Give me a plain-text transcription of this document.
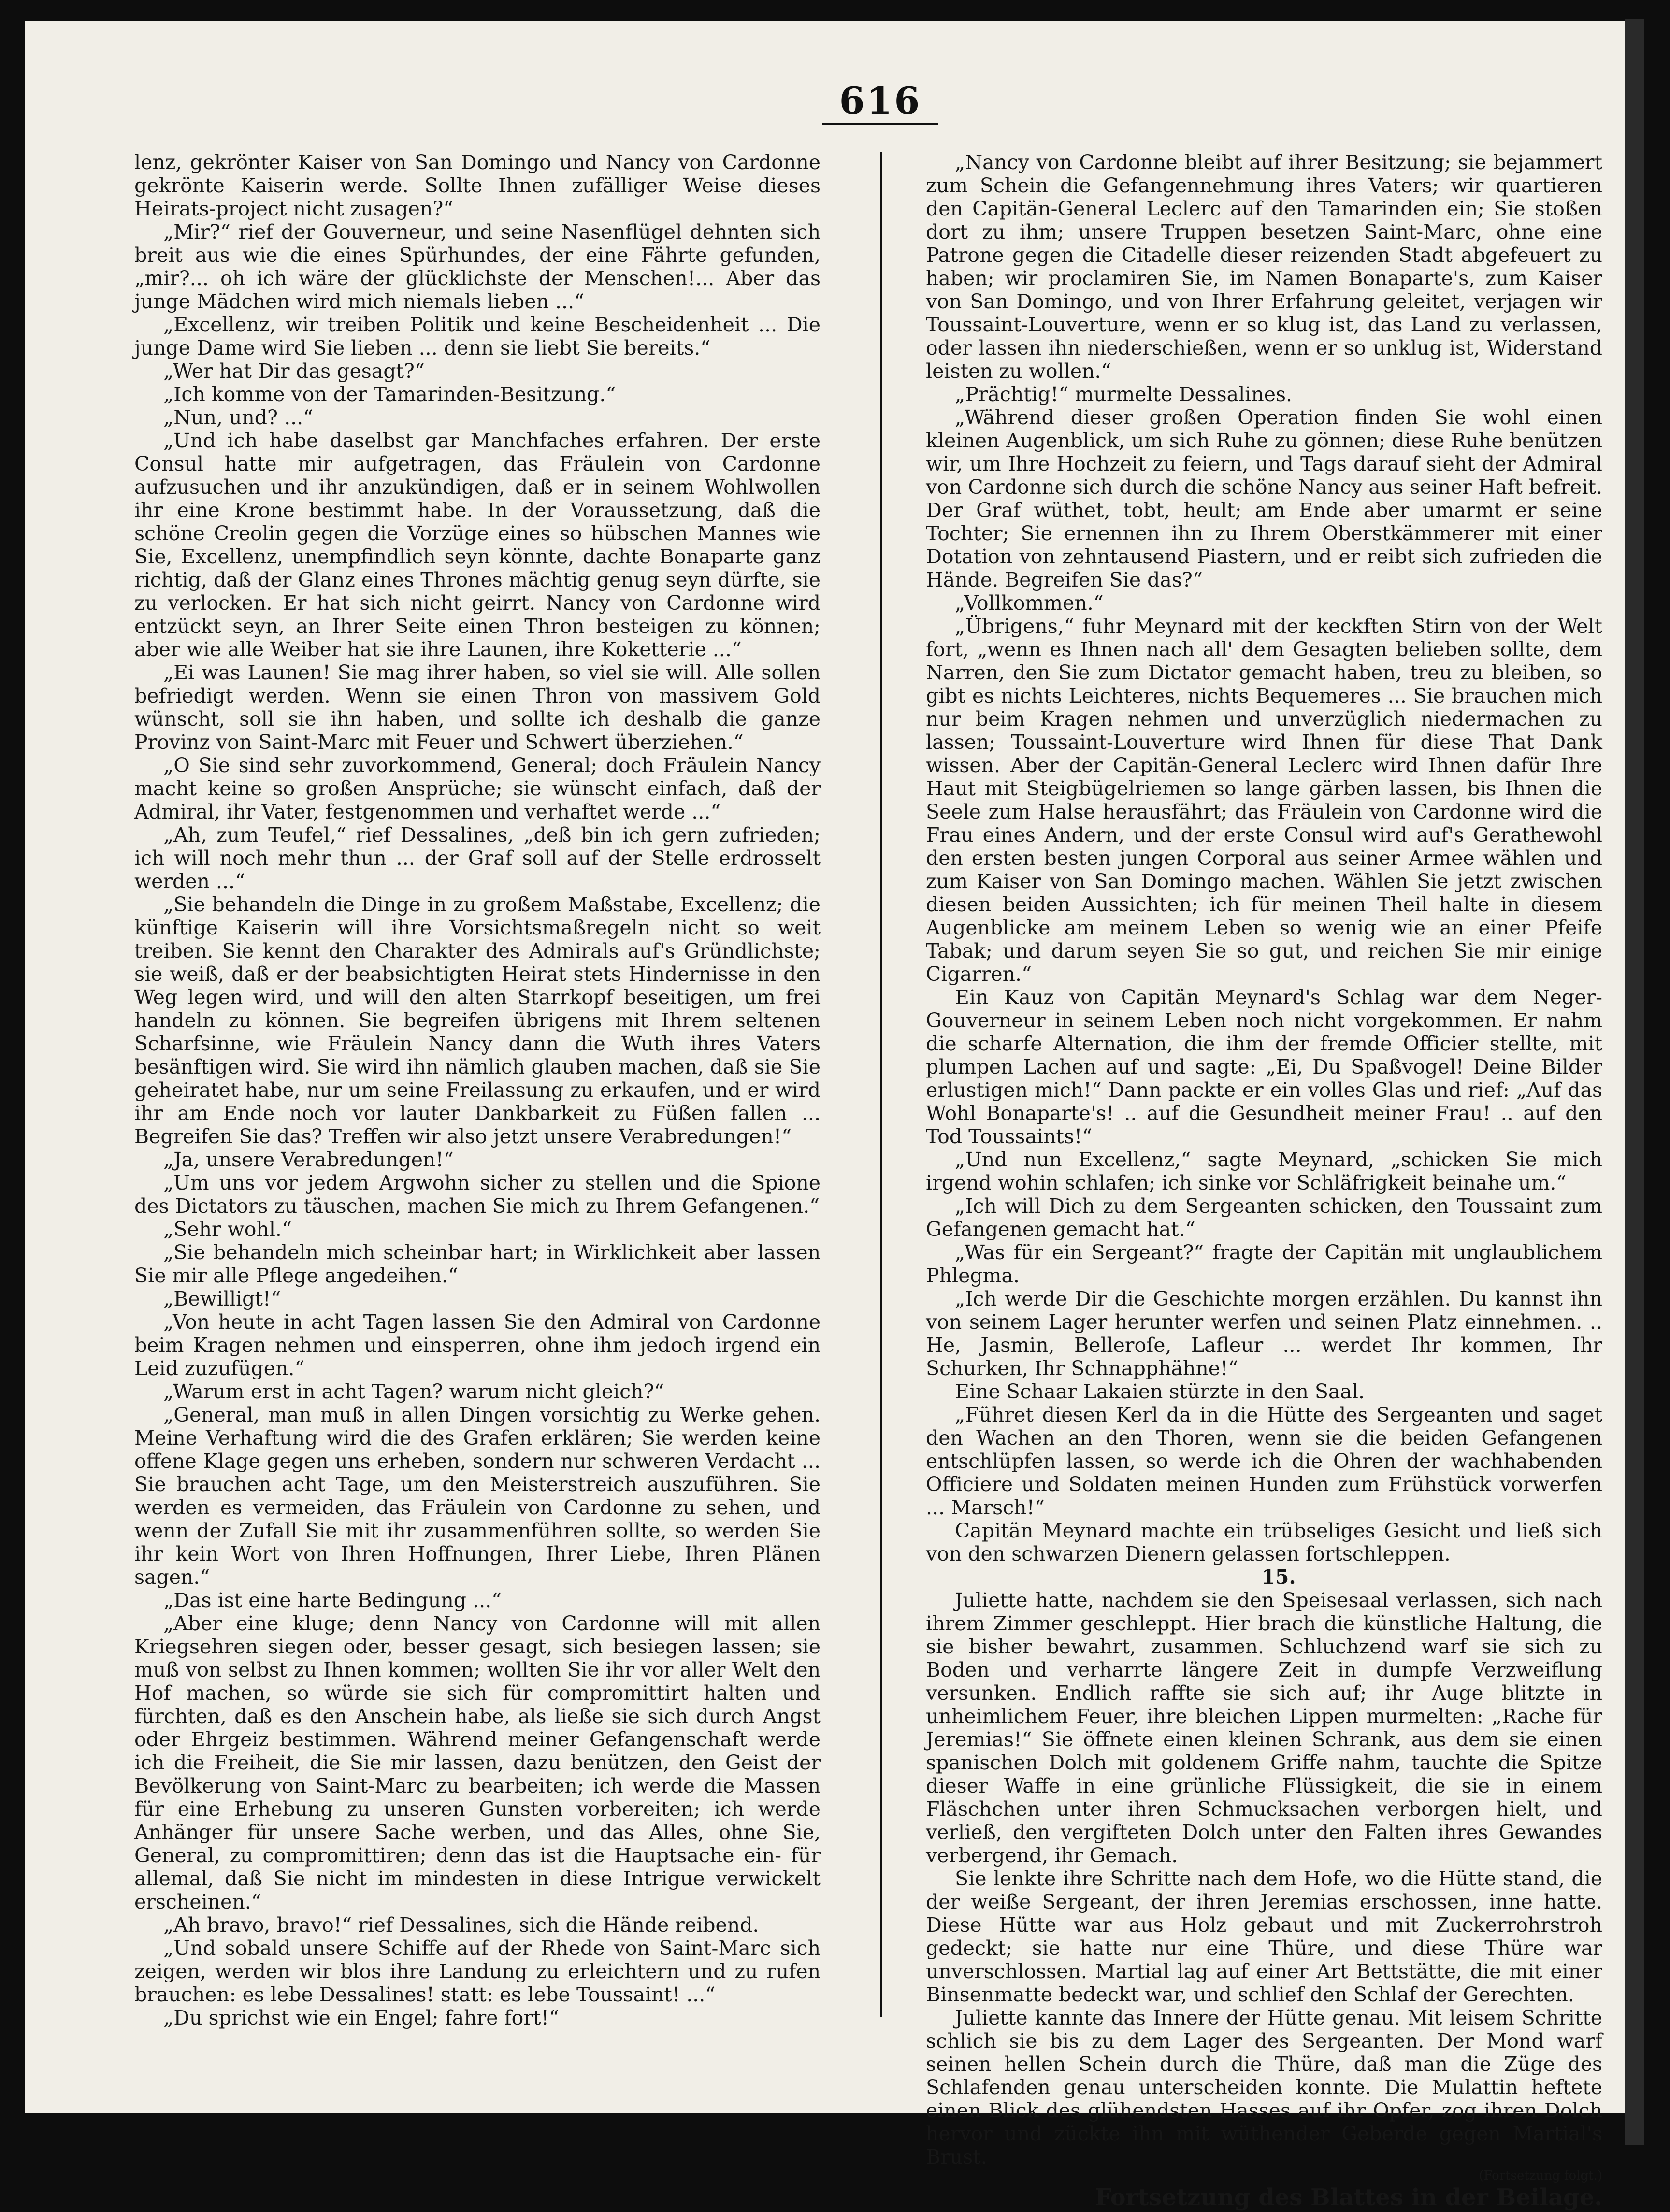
616

lenz, gekrönter Kaiser von San Domingo und Nancy von Cardonne gekrönte Kaiserin werde. Sollte Ihnen zufälliger Weise dieses Heirats-project nicht zusagen?“

„Mir?“ rief der Gouverneur, und seine Nasenflügel dehnten sich breit aus wie die eines Spürhundes, der eine Fährte gefunden, „mir?... oh ich wäre der glücklichste der Menschen!... Aber das junge Mädchen wird mich niemals lieben ...“

„Excellenz, wir treiben Politik und keine Bescheidenheit ... Die junge Dame wird Sie lieben ... denn sie liebt Sie bereits.“

„Wer hat Dir das gesagt?“

„Ich komme von der Tamarinden-Besitzung.“

„Nun, und? ...“

„Und ich habe daselbst gar Manchfaches erfahren. Der erste Consul hatte mir aufgetragen, das Fräulein von Cardonne aufzusuchen und ihr anzukündigen, daß er in seinem Wohlwollen ihr eine Krone bestimmt habe. In der Voraussetzung, daß die schöne Creolin gegen die Vorzüge eines so hübschen Mannes wie Sie, Excellenz, unempfindlich seyn könnte, dachte Bonaparte ganz richtig, daß der Glanz eines Thrones mächtig genug seyn dürfte, sie zu verlocken. Er hat sich nicht geirrt. Nancy von Cardonne wird entzückt seyn, an Ihrer Seite einen Thron besteigen zu können; aber wie alle Weiber hat sie ihre Launen, ihre Koketterie ...“

„Ei was Launen! Sie mag ihrer haben, so viel sie will. Alle sollen befriedigt werden. Wenn sie einen Thron von massivem Gold wünscht, soll sie ihn haben, und sollte ich deshalb die ganze Provinz von Saint-Marc mit Feuer und Schwert überziehen.“

„O Sie sind sehr zuvorkommend, General; doch Fräulein Nancy macht keine so großen Ansprüche; sie wünscht einfach, daß der Admiral, ihr Vater, festgenommen und verhaftet werde ...“

„Ah, zum Teufel,“ rief Dessalines, „deß bin ich gern zufrieden; ich will noch mehr thun ... der Graf soll auf der Stelle erdrosselt werden ...“

„Sie behandeln die Dinge in zu großem Maßstabe, Excellenz; die künftige Kaiserin will ihre Vorsichtsmaßregeln nicht so weit treiben. Sie kennt den Charakter des Admirals auf's Gründlichste; sie weiß, daß er der beabsichtigten Heirat stets Hindernisse in den Weg legen wird, und will den alten Starrkopf beseitigen, um frei handeln zu können. Sie begreifen übrigens mit Ihrem seltenen Scharfsinne, wie Fräulein Nancy dann die Wuth ihres Vaters besänftigen wird. Sie wird ihn nämlich glauben machen, daß sie Sie geheiratet habe, nur um seine Freilassung zu erkaufen, und er wird ihr am Ende noch vor lauter Dankbarkeit zu Füßen fallen ... Begreifen Sie das? Treffen wir also jetzt unsere Verabredungen!“

„Ja, unsere Verabredungen!“

„Um uns vor jedem Argwohn sicher zu stellen und die Spione des Dictators zu täuschen, machen Sie mich zu Ihrem Gefangenen.“

„Sehr wohl.“

„Sie behandeln mich scheinbar hart; in Wirklichkeit aber lassen Sie mir alle Pflege angedeihen.“

„Bewilligt!“

„Von heute in acht Tagen lassen Sie den Admiral von Cardonne beim Kragen nehmen und einsperren, ohne ihm jedoch irgend ein Leid zuzufügen.“

„Warum erst in acht Tagen? warum nicht gleich?“

„General, man muß in allen Dingen vorsichtig zu Werke gehen. Meine Verhaftung wird die des Grafen erklären; Sie werden keine offene Klage gegen uns erheben, sondern nur schweren Verdacht ... Sie brauchen acht Tage, um den Meisterstreich auszuführen. Sie werden es vermeiden, das Fräulein von Cardonne zu sehen, und wenn der Zufall Sie mit ihr zusammenführen sollte, so werden Sie ihr kein Wort von Ihren Hoffnungen, Ihrer Liebe, Ihren Plänen sagen.“

„Das ist eine harte Bedingung ...“

„Aber eine kluge; denn Nancy von Cardonne will mit allen Kriegsehren siegen oder, besser gesagt, sich besiegen lassen; sie muß von selbst zu Ihnen kommen; wollten Sie ihr vor aller Welt den Hof machen, so würde sie sich für compromittirt halten und fürchten, daß es den Anschein habe, als ließe sie sich durch Angst oder Ehrgeiz bestimmen. Während meiner Gefangenschaft werde ich die Freiheit, die Sie mir lassen, dazu benützen, den Geist der Bevölkerung von Saint-Marc zu bearbeiten; ich werde die Massen für eine Erhebung zu unseren Gunsten vorbereiten; ich werde Anhänger für unsere Sache werben, und das Alles, ohne Sie, General, zu compromittiren; denn das ist die Hauptsache ein- für allemal, daß Sie nicht im mindesten in diese Intrigue verwickelt erscheinen.“

„Ah bravo, bravo!“ rief Dessalines, sich die Hände reibend.

„Und sobald unsere Schiffe auf der Rhede von Saint-Marc sich zeigen, werden wir blos ihre Landung zu erleichtern und zu rufen brauchen: es lebe Dessalines! statt: es lebe Toussaint! ...“

„Du sprichst wie ein Engel; fahre fort!“

„Nancy von Cardonne bleibt auf ihrer Besitzung; sie bejammert zum Schein die Gefangennehmung ihres Vaters; wir quartieren den Capitän-General Leclerc auf den Tamarinden ein; Sie stoßen dort zu ihm; unsere Truppen besetzen Saint-Marc, ohne eine Patrone gegen die Citadelle dieser reizenden Stadt abgefeuert zu haben; wir proclamiren Sie, im Namen Bonaparte's, zum Kaiser von San Domingo, und von Ihrer Erfahrung geleitet, verjagen wir Toussaint-Louverture, wenn er so klug ist, das Land zu verlassen, oder lassen ihn niederschießen, wenn er so unklug ist, Widerstand leisten zu wollen.“

„Prächtig!“ murmelte Dessalines.

„Während dieser großen Operation finden Sie wohl einen kleinen Augenblick, um sich Ruhe zu gönnen; diese Ruhe benützen wir, um Ihre Hochzeit zu feiern, und Tags darauf sieht der Admiral von Cardonne sich durch die schöne Nancy aus seiner Haft befreit. Der Graf wüthet, tobt, heult; am Ende aber umarmt er seine Tochter; Sie ernennen ihn zu Ihrem Oberstkämmerer mit einer Dotation von zehntausend Piastern, und er reibt sich zufrieden die Hände. Begreifen Sie das?“

„Vollkommen.“

„Übrigens,“ fuhr Meynard mit der keckften Stirn von der Welt fort, „wenn es Ihnen nach all' dem Gesagten belieben sollte, dem Narren, den Sie zum Dictator gemacht haben, treu zu bleiben, so gibt es nichts Leichteres, nichts Bequemeres ... Sie brauchen mich nur beim Kragen nehmen und unverzüglich niedermachen zu lassen; Toussaint-Louverture wird Ihnen für diese That Dank wissen. Aber der Capitän-General Leclerc wird Ihnen dafür Ihre Haut mit Steigbügelriemen so lange gärben lassen, bis Ihnen die Seele zum Halse herausfährt; das Fräulein von Cardonne wird die Frau eines Andern, und der erste Consul wird auf's Gerathewohl den ersten besten jungen Corporal aus seiner Armee wählen und zum Kaiser von San Domingo machen. Wählen Sie jetzt zwischen diesen beiden Aussichten; ich für meinen Theil halte in diesem Augenblicke am meinem Leben so wenig wie an einer Pfeife Tabak; und darum seyen Sie so gut, und reichen Sie mir einige Cigarren.“

Ein Kauz von Capitän Meynard's Schlag war dem Neger-Gouverneur in seinem Leben noch nicht vorgekommen. Er nahm die scharfe Alternation, die ihm der fremde Officier stellte, mit plumpen Lachen auf und sagte: „Ei, Du Spaßvogel! Deine Bilder erlustigen mich!“ Dann packte er ein volles Glas und rief: „Auf das Wohl Bonaparte's! .. auf die Gesundheit meiner Frau! .. auf den Tod Toussaints!“

„Und nun Excellenz,“ sagte Meynard, „schicken Sie mich irgend wohin schlafen; ich sinke vor Schläfrigkeit beinahe um.“

„Ich will Dich zu dem Sergeanten schicken, den Toussaint zum Gefangenen gemacht hat.“

„Was für ein Sergeant?“ fragte der Capitän mit unglaublichem Phlegma.

„Ich werde Dir die Geschichte morgen erzählen. Du kannst ihn von seinem Lager herunter werfen und seinen Platz einnehmen. .. He, Jasmin, Belleroſe, Lafleur ... werdet Ihr kommen, Ihr Schurken, Ihr Schnapphähne!“

Eine Schaar Lakaien stürzte in den Saal.

„Führet diesen Kerl da in die Hütte des Sergeanten und saget den Wachen an den Thoren, wenn sie die beiden Gefangenen entschlüpfen lassen, so werde ich die Ohren der wachhabenden Officiere und Soldaten meinen Hunden zum Frühstück vorwerfen ... Marsch!“

Capitän Meynard machte ein trübseliges Gesicht und ließ sich von den schwarzen Dienern gelassen fortschleppen.

15.

Juliette hatte, nachdem sie den Speisesaal verlassen, sich nach ihrem Zimmer geschleppt. Hier brach die künstliche Haltung, die sie bisher bewahrt, zusammen. Schluchzend warf sie sich zu Boden und verharrte längere Zeit in dumpfe Verzweiflung versunken. Endlich raffte sie sich auf; ihr Auge blitzte in unheimlichem Feuer, ihre bleichen Lippen murmelten: „Rache für Jeremias!“ Sie öffnete einen kleinen Schrank, aus dem sie einen spanischen Dolch mit goldenem Griffe nahm, tauchte die Spitze dieser Waffe in eine grünliche Flüssigkeit, die sie in einem Fläschchen unter ihren Schmucksachen verborgen hielt, und verließ, den vergifteten Dolch unter den Falten ihres Gewandes verbergend, ihr Gemach.

Sie lenkte ihre Schritte nach dem Hofe, wo die Hütte stand, die der weiße Sergeant, der ihren Jeremias erschossen, inne hatte. Diese Hütte war aus Holz gebaut und mit Zuckerrohrstroh gedeckt; sie hatte nur eine Thüre, und diese Thüre war unverschlossen. Martial lag auf einer Art Bettstätte, die mit einer Binsenmatte bedeckt war, und schlief den Schlaf der Gerechten.

Juliette kannte das Innere der Hütte genau. Mit leisem Schritte schlich sie bis zu dem Lager des Sergeanten. Der Mond warf seinen hellen Schein durch die Thüre, daß man die Züge des Schlafenden genau unterscheiden konnte. Die Mulattin heftete einen Blick des glühendsten Hasses auf ihr Opfer, zog ihren Dolch hervor und zückte ihn mit wüthender Geberde gegen Martial's Brust.

(Fortsetzung folgt.)

Fortsetzung des Blattes in der Beilage.
